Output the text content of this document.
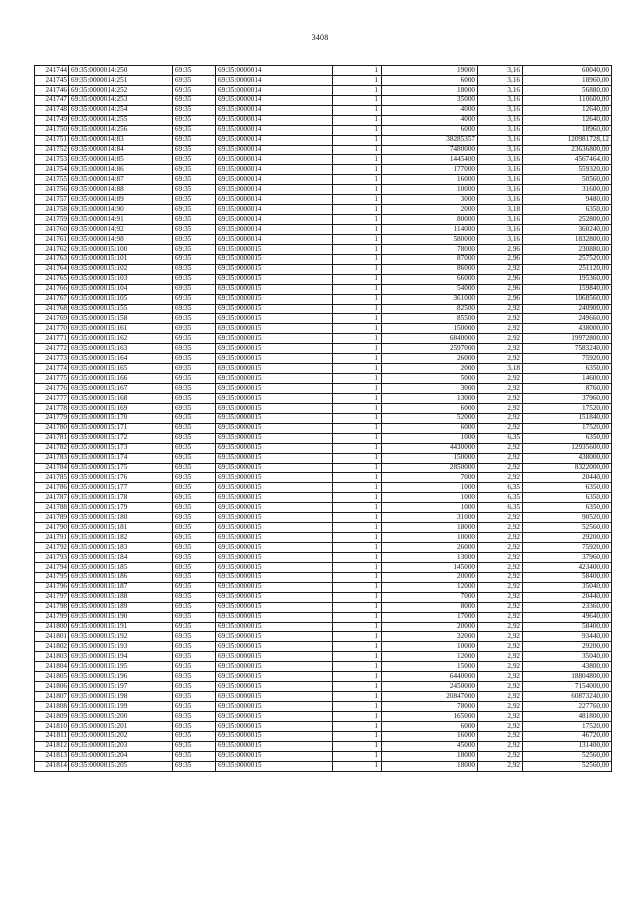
3408
241744	69:35:0000014:250	69:35	69:35:0000014	1	19000	3,16	60040,00
241745	69:35:0000014:251	69:35	69:35:0000014	1	6000	3,16	18960,00
241746	69:35:0000014:252	69:35	69:35:0000014	1	18000	3,16	56880,00
241747	69:35:0000014:253	69:35	69:35:0000014	1	35000	3,16	110600,00
241748	69:35:0000014:254	69:35	69:35:0000014	1	4000	3,16	12640,00
241749	69:35:0000014:255	69:35	69:35:0000014	1	4000	3,16	12640,00
241750	69:35:0000014:256	69:35	69:35:0000014	1	6000	3,16	18960,00
241751	69:35:0000014:83	69:35	69:35:0000014	1	38285357	3,16	120981728,12
241752	69:35:0000014:84	69:35	69:35:0000014	1	7480000	3,16	23636800,00
241753	69:35:0000014:85	69:35	69:35:0000014	1	1445400	3,16	4567464,00
241754	69:35:0000014:86	69:35	69:35:0000014	1	177000	3,16	559320,00
241755	69:35:0000014:87	69:35	69:35:0000014	1	16000	3,16	50560,00
241756	69:35:0000014:88	69:35	69:35:0000014	1	10000	3,16	31600,00
241757	69:35:0000014:89	69:35	69:35:0000014	1	3000	3,16	9480,00
241758	69:35:0000014:90	69:35	69:35:0000014	1	2000	3,18	6350,00
241759	69:35:0000014:91	69:35	69:35:0000014	1	80000	3,16	252800,00
241760	69:35:0000014:92	69:35	69:35:0000014	1	114000	3,16	360240,00
241761	69:35:0000014:98	69:35	69:35:0000014	1	580000	3,16	1832800,00
241762	69:35:0000015:100	69:35	69:35:0000015	1	78000	2,96	230880,00
241763	69:35:0000015:101	69:35	69:35:0000015	1	87000	2,96	257520,00
241764	69:35:0000015:102	69:35	69:35:0000015	1	86000	2,92	251120,00
241765	69:35:0000015:103	69:35	69:35:0000015	1	66000	2,96	195360,00
241766	69:35:0000015:104	69:35	69:35:0000015	1	54000	2,96	159840,00
241767	69:35:0000015:105	69:35	69:35:0000015	1	361000	2,96	1068560,00
241768	69:35:0000015:155	69:35	69:35:0000015	1	82500	2,92	240900,00
241769	69:35:0000015:158	69:35	69:35:0000015	1	85500	2,92	249660,00
241770	69:35:0000015:161	69:35	69:35:0000015	1	150000	2,92	438000,00
241771	69:35:0000015:162	69:35	69:35:0000015	1	6840000	2,92	19972800,00
241772	69:35:0000015:163	69:35	69:35:0000015	1	2597000	2,92	7583240,00
241773	69:35:0000015:164	69:35	69:35:0000015	1	26000	2,92	75920,00
241774	69:35:0000015:165	69:35	69:35:0000015	1	2000	3,18	6350,00
241775	69:35:0000015:166	69:35	69:35:0000015	1	5000	2,92	14600,00
241776	69:35:0000015:167	69:35	69:35:0000015	1	3000	2,92	8760,00
241777	69:35:0000015:168	69:35	69:35:0000015	1	13000	2,92	37960,00
241778	69:35:0000015:169	69:35	69:35:0000015	1	6000	2,92	17520,00
241779	69:35:0000015:170	69:35	69:35:0000015	1	52000	2,92	151840,00
241780	69:35:0000015:171	69:35	69:35:0000015	1	6000	2,92	17520,00
241781	69:35:0000015:172	69:35	69:35:0000015	1	1000	6,35	6350,00
241782	69:35:0000015:173	69:35	69:35:0000015	1	4430000	2,92	12935600,00
241783	69:35:0000015:174	69:35	69:35:0000015	1	150000	2,92	438000,00
241784	69:35:0000015:175	69:35	69:35:0000015	1	2850000	2,92	8322000,00
241785	69:35:0000015:176	69:35	69:35:0000015	1	7000	2,92	20440,00
241786	69:35:0000015:177	69:35	69:35:0000015	1	1000	6,35	6350,00
241787	69:35:0000015:178	69:35	69:35:0000015	1	1000	6,35	6350,00
241788	69:35:0000015:179	69:35	69:35:0000015	1	1000	6,35	6350,00
241789	69:35:0000015:180	69:35	69:35:0000015	1	31000	2,92	90520,00
241790	69:35:0000015:181	69:35	69:35:0000015	1	18000	2,92	52560,00
241791	69:35:0000015:182	69:35	69:35:0000015	1	10000	2,92	29200,00
241792	69:35:0000015:183	69:35	69:35:0000015	1	26000	2,92	75920,00
241793	69:35:0000015:184	69:35	69:35:0000015	1	13000	2,92	37960,00
241794	69:35:0000015:185	69:35	69:35:0000015	1	145000	2,92	423400,00
241795	69:35:0000015:186	69:35	69:35:0000015	1	20000	2,92	58400,00
241796	69:35:0000015:187	69:35	69:35:0000015	1	12000	2,92	35040,00
241797	69:35:0000015:188	69:35	69:35:0000015	1	7000	2,92	20440,00
241798	69:35:0000015:189	69:35	69:35:0000015	1	8000	2,92	23360,00
241799	69:35:0000015:190	69:35	69:35:0000015	1	17000	2,92	49640,00
241800	69:35:0000015:191	69:35	69:35:0000015	1	20000	2,92	58400,00
241801	69:35:0000015:192	69:35	69:35:0000015	1	32000	2,92	93440,00
241802	69:35:0000015:193	69:35	69:35:0000015	1	10000	2,92	29200,00
241803	69:35:0000015:194	69:35	69:35:0000015	1	12000	2,92	35040,00
241804	69:35:0000015:195	69:35	69:35:0000015	1	15000	2,92	43800,00
241805	69:35:0000015:196	69:35	69:35:0000015	1	6440000	2,92	18804800,00
241806	69:35:0000015:197	69:35	69:35:0000015	1	2450000	2,92	7154000,00
241807	69:35:0000015:198	69:35	69:35:0000015	1	20847000	2,92	60873240,00
241808	69:35:0000015:199	69:35	69:35:0000015	1	78000	2,92	227760,00
241809	69:35:0000015:200	69:35	69:35:0000015	1	165000	2,92	481800,00
241810	69:35:0000015:201	69:35	69:35:0000015	1	6000	2,92	17520,00
241811	69:35:0000015:202	69:35	69:35:0000015	1	16000	2,92	46720,00
241812	69:35:0000015:203	69:35	69:35:0000015	1	45000	2,92	131400,00
241813	69:35:0000015:204	69:35	69:35:0000015	1	18000	2,92	52560,00
241814	69:35:0000015:205	69:35	69:35:0000015	1	18000	2,92	52560,00
